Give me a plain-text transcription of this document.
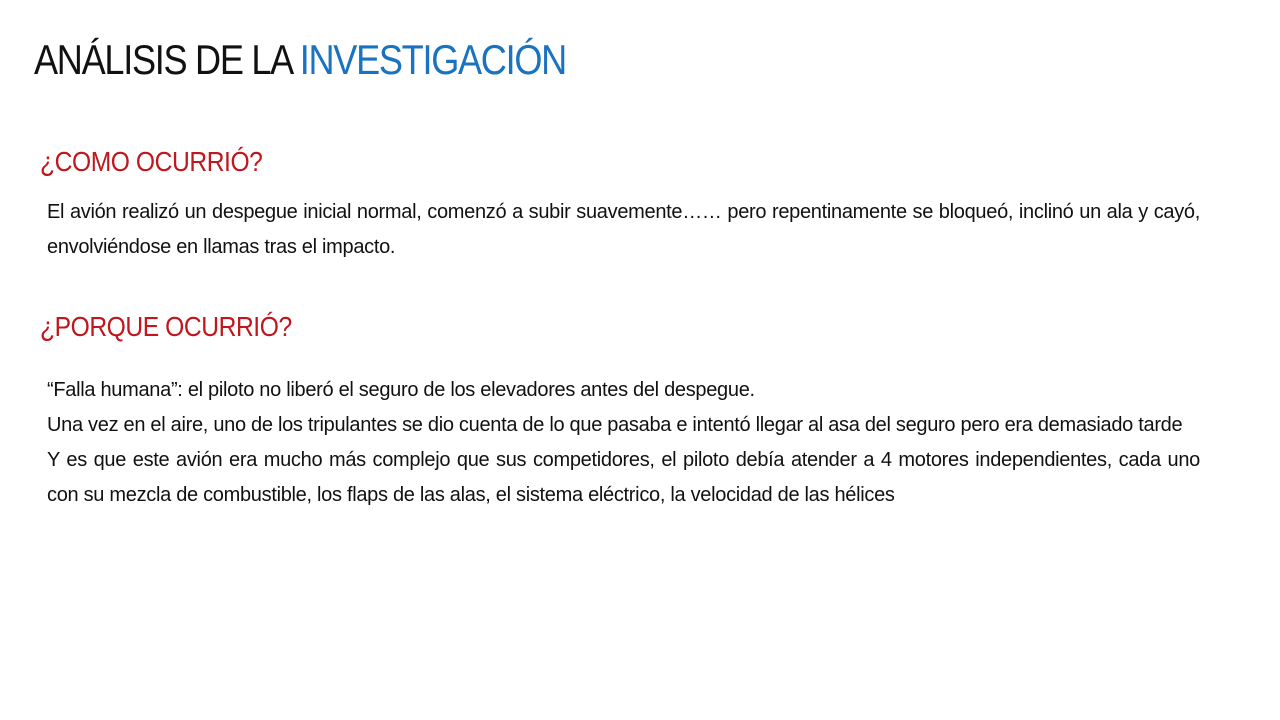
ANÁLISIS DE LA INVESTIGACIÓN
¿COMO OCURRIÓ?

El avión realizó un despegue inicial normal, comenzó a subir suavemente…… pero repentinamente se bloqueó, inclinó un ala y cayó, envolviéndose en llamas tras el impacto.

¿PORQUE OCURRIÓ?

“Falla humana”: el piloto no liberó el seguro de los elevadores antes del despegue.

Una vez en el aire, uno de los tripulantes se dio cuenta de lo que pasaba e intentó llegar al asa del seguro pero era demasiado tarde

Y es que este avión era mucho más complejo que sus competidores, el piloto debía atender a 4 motores independientes, cada uno con su mezcla de combustible, los flaps de las alas, el sistema eléctrico, la velocidad de las hélices
